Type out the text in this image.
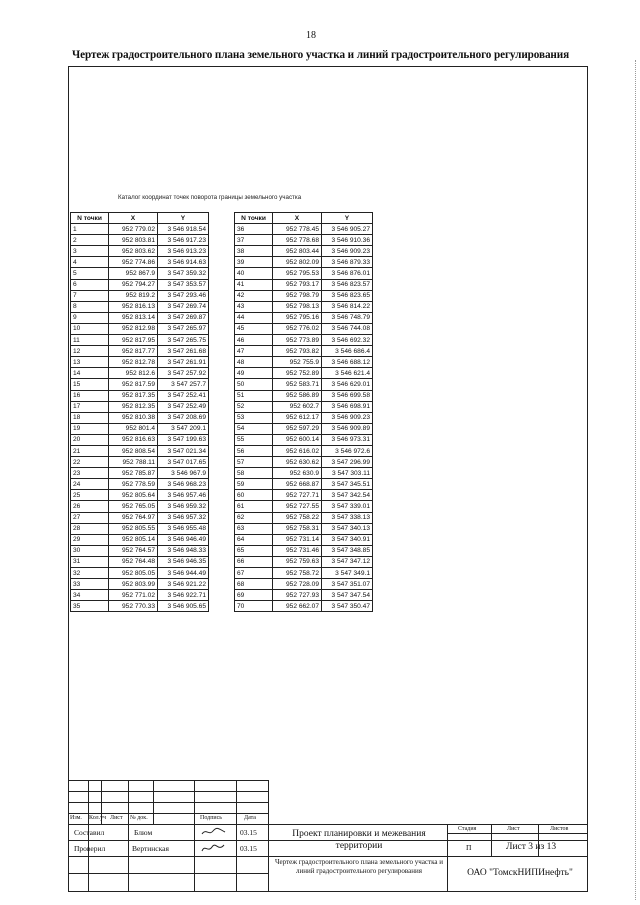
18
Чертеж градостроительного плана земельного участка и линий градостроительного регулирования
Каталог координат точек поворота границы земельного участка
N точки	X	Y
1	952 779.02	3 546 918.54
2	952 803.81	3 546 917.23
3	952 803.62	3 546 913.23
4	952 774.86	3 546 914.63
5	952 867.9	3 547 359.32
6	952 794.27	3 547 353.57
7	952 819.2	3 547 293.46
8	952 816.13	3 547 269.74
9	952 813.14	3 547 269.87
10	952 812.98	3 547 265.97
11	952 817.95	3 547 265.75
12	952 817.77	3 547 261.68
13	952 812.78	3 547 261.91
14	952 812.6	3 547 257.92
15	952 817.59	3 547 257.7
16	952 817.35	3 547 252.41
17	952 812.35	3 547 252.49
18	952 810.38	3 547 208.69
19	952 801.4	3 547 209.1
20	952 816.63	3 547 199.63
21	952 808.54	3 547 021.34
22	952 788.11	3 547 017.65
23	952 785.87	3 546 967.9
24	952 778.59	3 546 968.23
25	952 805.64	3 546 957.46
26	952 765.05	3 546 959.32
27	952 764.97	3 546 957.32
28	952 805.55	3 546 955.48
29	952 805.14	3 546 946.49
30	952 764.57	3 546 948.33
31	952 764.48	3 546 946.35
32	952 805.05	3 546 944.49
33	952 803.99	3 546 921.22
34	952 771.02	3 546 922.71
35	952 770.33	3 546 905.65
N точки	X	Y
36	952 778.45	3 546 905.27
37	952 778.68	3 546 910.36
38	952 803.44	3 546 909.23
39	952 802.09	3 546 879.33
40	952 795.53	3 546 876.01
41	952 793.17	3 546 823.57
42	952 798.79	3 546 823.65
43	952 798.13	3 546 814.22
44	952 795.16	3 546 748.79
45	952 776.02	3 546 744.08
46	952 773.89	3 546 692.32
47	952 793.82	3 546 686.4
48	952 755.9	3 546 688.12
49	952 752.89	3 546 621.4
50	952 583.71	3 546 629.01
51	952 586.89	3 546 699.58
52	952 602.7	3 546 698.91
53	952 612.17	3 546 909.23
54	952 597.29	3 546 909.89
55	952 600.14	3 546 973.31
56	952 616.02	3 546 972.6
57	952 630.62	3 547 296.99
58	952 630.9	3 547 303.11
59	952 668.87	3 547 345.51
60	952 727.71	3 547 342.54
61	952 727.55	3 547 339.01
62	952 758.22	3 547 338.13
63	952 758.31	3 547 340.13
64	952 731.14	3 547 340.91
65	952 731.46	3 547 348.85
66	952 759.63	3 547 347.12
67	952 758.72	3 547 349.1
68	952 728.09	3 547 351.07
69	952 727.93	3 547 347.54
70	952 662.07	3 547 350.47
Изм. Кол.уч Лист № док.	Подпись	Дата
Составил	Блюм	03.15
Проверил	Вертинская	03.15
Проект планировки и межевания территории
Чертеж градостроительного плана земельного участка и линий градостроительного регулирования
Стадия	Лист	Листов
П	Лист 3 из 13
ОАО "ТомскНИПИнефть"
